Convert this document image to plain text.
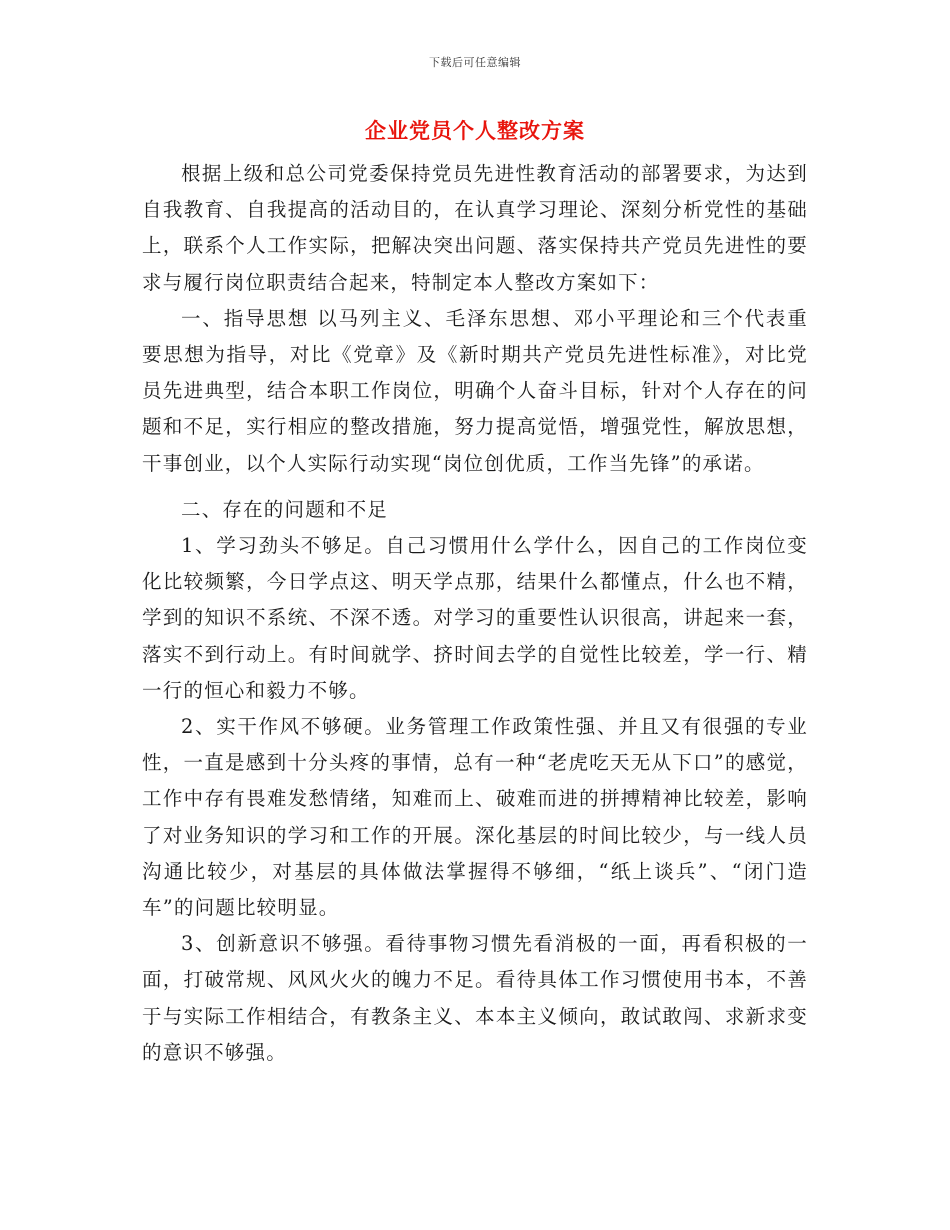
下载后可任意编辑
企业党员个人整改方案

根据上级和总公司党委保持党员先进性教育活动的部署要求，为达到自我教育、自我提高的活动目的，在认真学习理论、深刻分析党性的基础上，联系个人工作实际，把解决突出问题、落实保持共产党员先进性的要求与履行岗位职责结合起来，特制定本人整改方案如下：

一、指导思想 以马列主义、毛泽东思想、邓小平理论和三个代表重要思想为指导，对比《党章》及《新时期共产党员先进性标准》，对比党员先进典型，结合本职工作岗位，明确个人奋斗目标，针对个人存在的问题和不足，实行相应的整改措施，努力提高觉悟，增强党性，解放思想，干事创业，以个人实际行动实现“岗位创优质，工作当先锋”的承诺。

二、存在的问题和不足

1、学习劲头不够足。自己习惯用什么学什么，因自己的工作岗位变化比较频繁，今日学点这、明天学点那，结果什么都懂点，什么也不精，学到的知识不系统、不深不透。对学习的重要性认识很高，讲起来一套，落实不到行动上。有时间就学、挤时间去学的自觉性比较差，学一行、精一行的恒心和毅力不够。

2、实干作风不够硬。业务管理工作政策性强、并且又有很强的专业性，一直是感到十分头疼的事情，总有一种“老虎吃天无从下口”的感觉，工作中存有畏难发愁情绪，知难而上、破难而进的拼搏精神比较差，影响了对业务知识的学习和工作的开展。深化基层的时间比较少，与一线人员沟通比较少，对基层的具体做法掌握得不够细，“纸上谈兵”、“闭门造车”的问题比较明显。

3、创新意识不够强。看待事物习惯先看消极的一面，再看积极的一面，打破常规、风风火火的魄力不足。看待具体工作习惯使用书本，不善于与实际工作相结合，有教条主义、本本主义倾向，敢试敢闯、求新求变的意识不够强。
